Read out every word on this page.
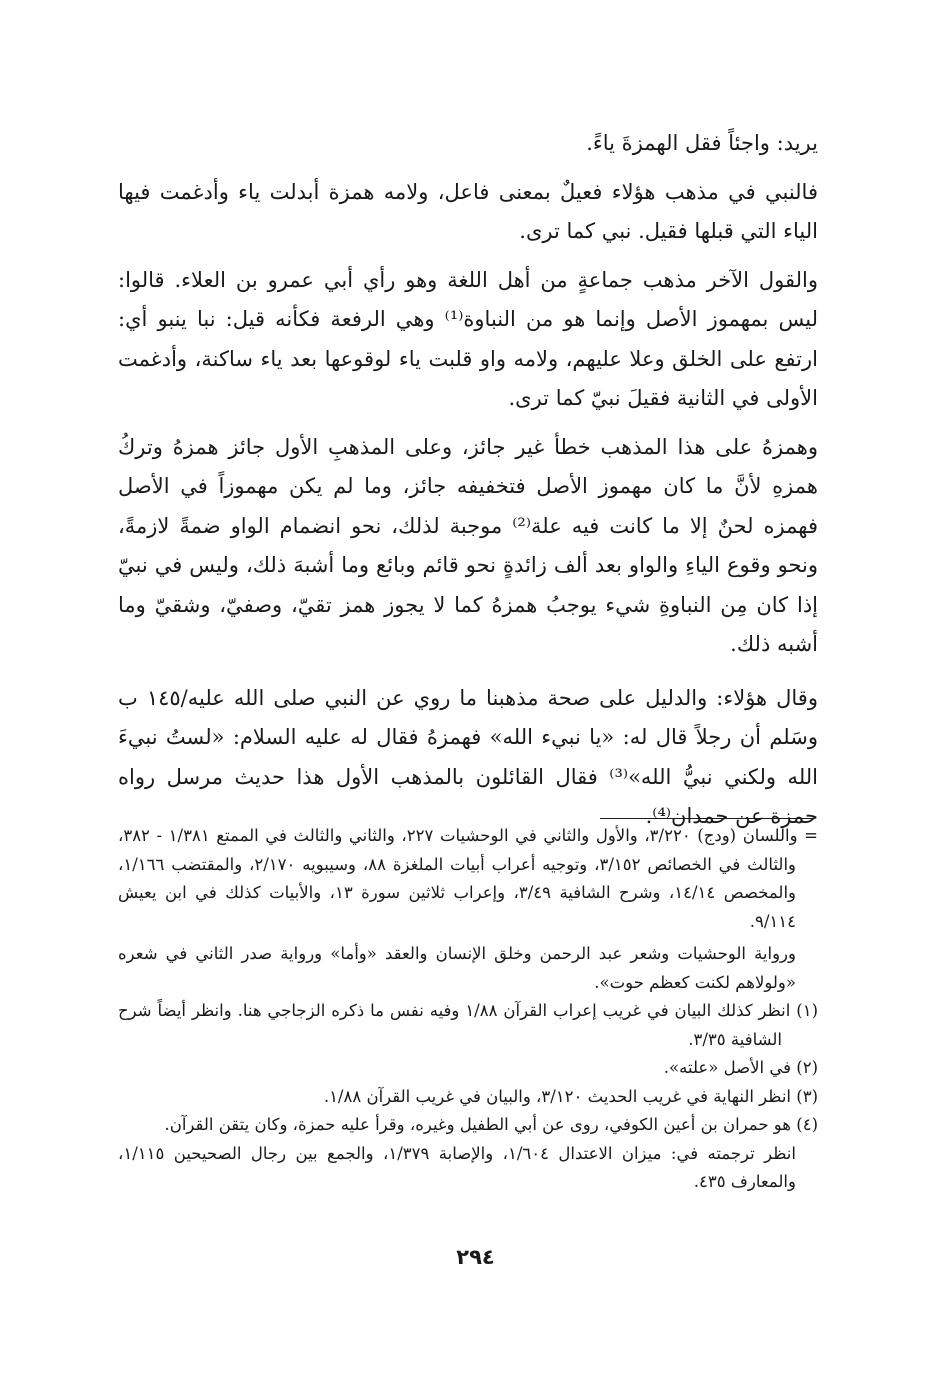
يريد: واجئاً فقل الهمزةَ ياءً.

فالنبي في مذهب هؤلاء فعيلٌ بمعنى فاعل، ولامه همزة أبدلت ياء وأدغمت فيها الياء التي قبلها فقيل. نبي كما ترى.

والقول الآخر مذهب جماعةٍ من أهل اللغة وهو رأي أبي عمرو بن العلاء. قالوا: ليس بمهموز الأصل وإنما هو من النباوة⁽¹⁾ وهي الرفعة فكأنه قيل: نبا ينبو أي: ارتفع على الخلق وعلا عليهم، ولامه واو قلبت ياء لوقوعها بعد ياء ساكنة، وأدغمت الأولى في الثانية فقيلَ نبيّ كما ترى.

وهمزهُ على هذا المذهب خطأ غير جائز، وعلى المذهبِ الأول جائز همزهُ وتركُ همزهِ لأنَّ ما كان مهموز الأصل فتخفيفه جائز، وما لم يكن مهموزاً في الأصل فهمزه لحنٌ إلا ما كانت فيه علة⁽²⁾ موجبة لذلك، نحو انضمام الواو ضمةً لازمةً، ونحو وقوع الياءِ والواو بعد ألف زائدةٍ نحو قائم وبائع وما أشبهَ ذلك، وليس في نبيّ إذا كان مِن النباوةِ شيء يوجبُ همزهُ كما لا يجوز همز تقيّ، وصفيّ، وشقيّ وما أشبه ذلك.

وقال هؤلاء: والدليل على صحة مذهبنا ما روي عن النبي صلى الله عليه/١٤٥ ب وسَلم أن رجلاً قال له: «يا نبيء الله» فهمزهُ فقال له عليه السلام: «لستُ نبيءَ الله ولكني نبيُّ الله»⁽³⁾ فقال القائلون بالمذهب الأول هذا حديث مرسل رواه حمزة عن حمدان⁽⁴⁾.

= واللسان (ودج) ٣/٢٢٠، والأول والثاني في الوحشيات ٢٢٧، والثاني والثالث في الممتع ١/٣٨١ - ٣٨٢، والثالث في الخصائص ٣/١٥٢، وتوجيه أعراب أبيات الملغزة ٨٨، وسيبويه ٢/١٧٠، والمقتضب ١/١٦٦، والمخصص ١٤/١٤، وشرح الشافية ٣/٤٩، وإعراب ثلاثين سورة ١٣، والأبيات كذلك في ابن يعيش ٩/١١٤.

ورواية الوحشيات وشعر عبد الرحمن وخلق الإنسان والعقد «وأما» ورواية صدر الثاني في شعره «ولولاهم لكنت كعظم حوت».

(١) انظر كذلك البيان في غريب إعراب القرآن ١/٨٨ وفيه نفس ما ذكره الزجاجي هنا. وانظر أيضاً شرح الشافية ٣/٣٥.

(٢) في الأصل «علته».

(٣) انظر النهاية في غريب الحديث ٣/١٢٠، والبيان في غريب القرآن ١/٨٨.

(٤) هو حمران بن أعين الكوفي، روى عن أبي الطفيل وغيره، وقرأ عليه حمزة، وكان يتقن القرآن.

انظر ترجمته في: ميزان الاعتدال ١/٦٠٤، والإصابة ١/٣٧٩، والجمع بين رجال الصحيحين ١/١١٥، والمعارف ٤٣٥.

٢٩٤
